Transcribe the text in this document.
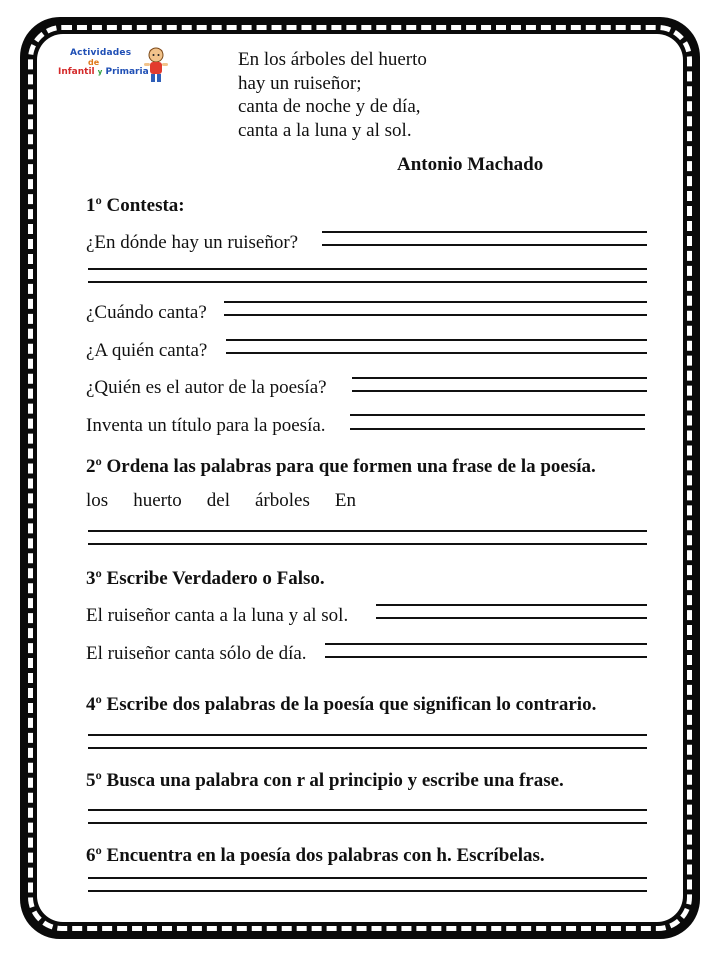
Actividades
de
Infantil y Primaria
En los árboles del huerto
hay un ruiseñor;
canta de noche y de día,
canta a la luna y al sol.
Antonio Machado
1º Contesta:
¿En dónde hay un ruiseñor?
¿Cuándo canta?
¿A quién canta?
¿Quién es el autor de la poesía?
Inventa un título para la poesía.
2º Ordena las palabras para que formen una frase de la poesía.
los huerto del árboles En
3º Escribe Verdadero o Falso.
El ruiseñor canta a la luna y al sol.
El ruiseñor canta sólo de día.
4º Escribe dos palabras de la poesía que significan lo contrario.
5º Busca una palabra con r al principio y escribe una frase.
6º Encuentra en la poesía dos palabras con h. Escríbelas.
